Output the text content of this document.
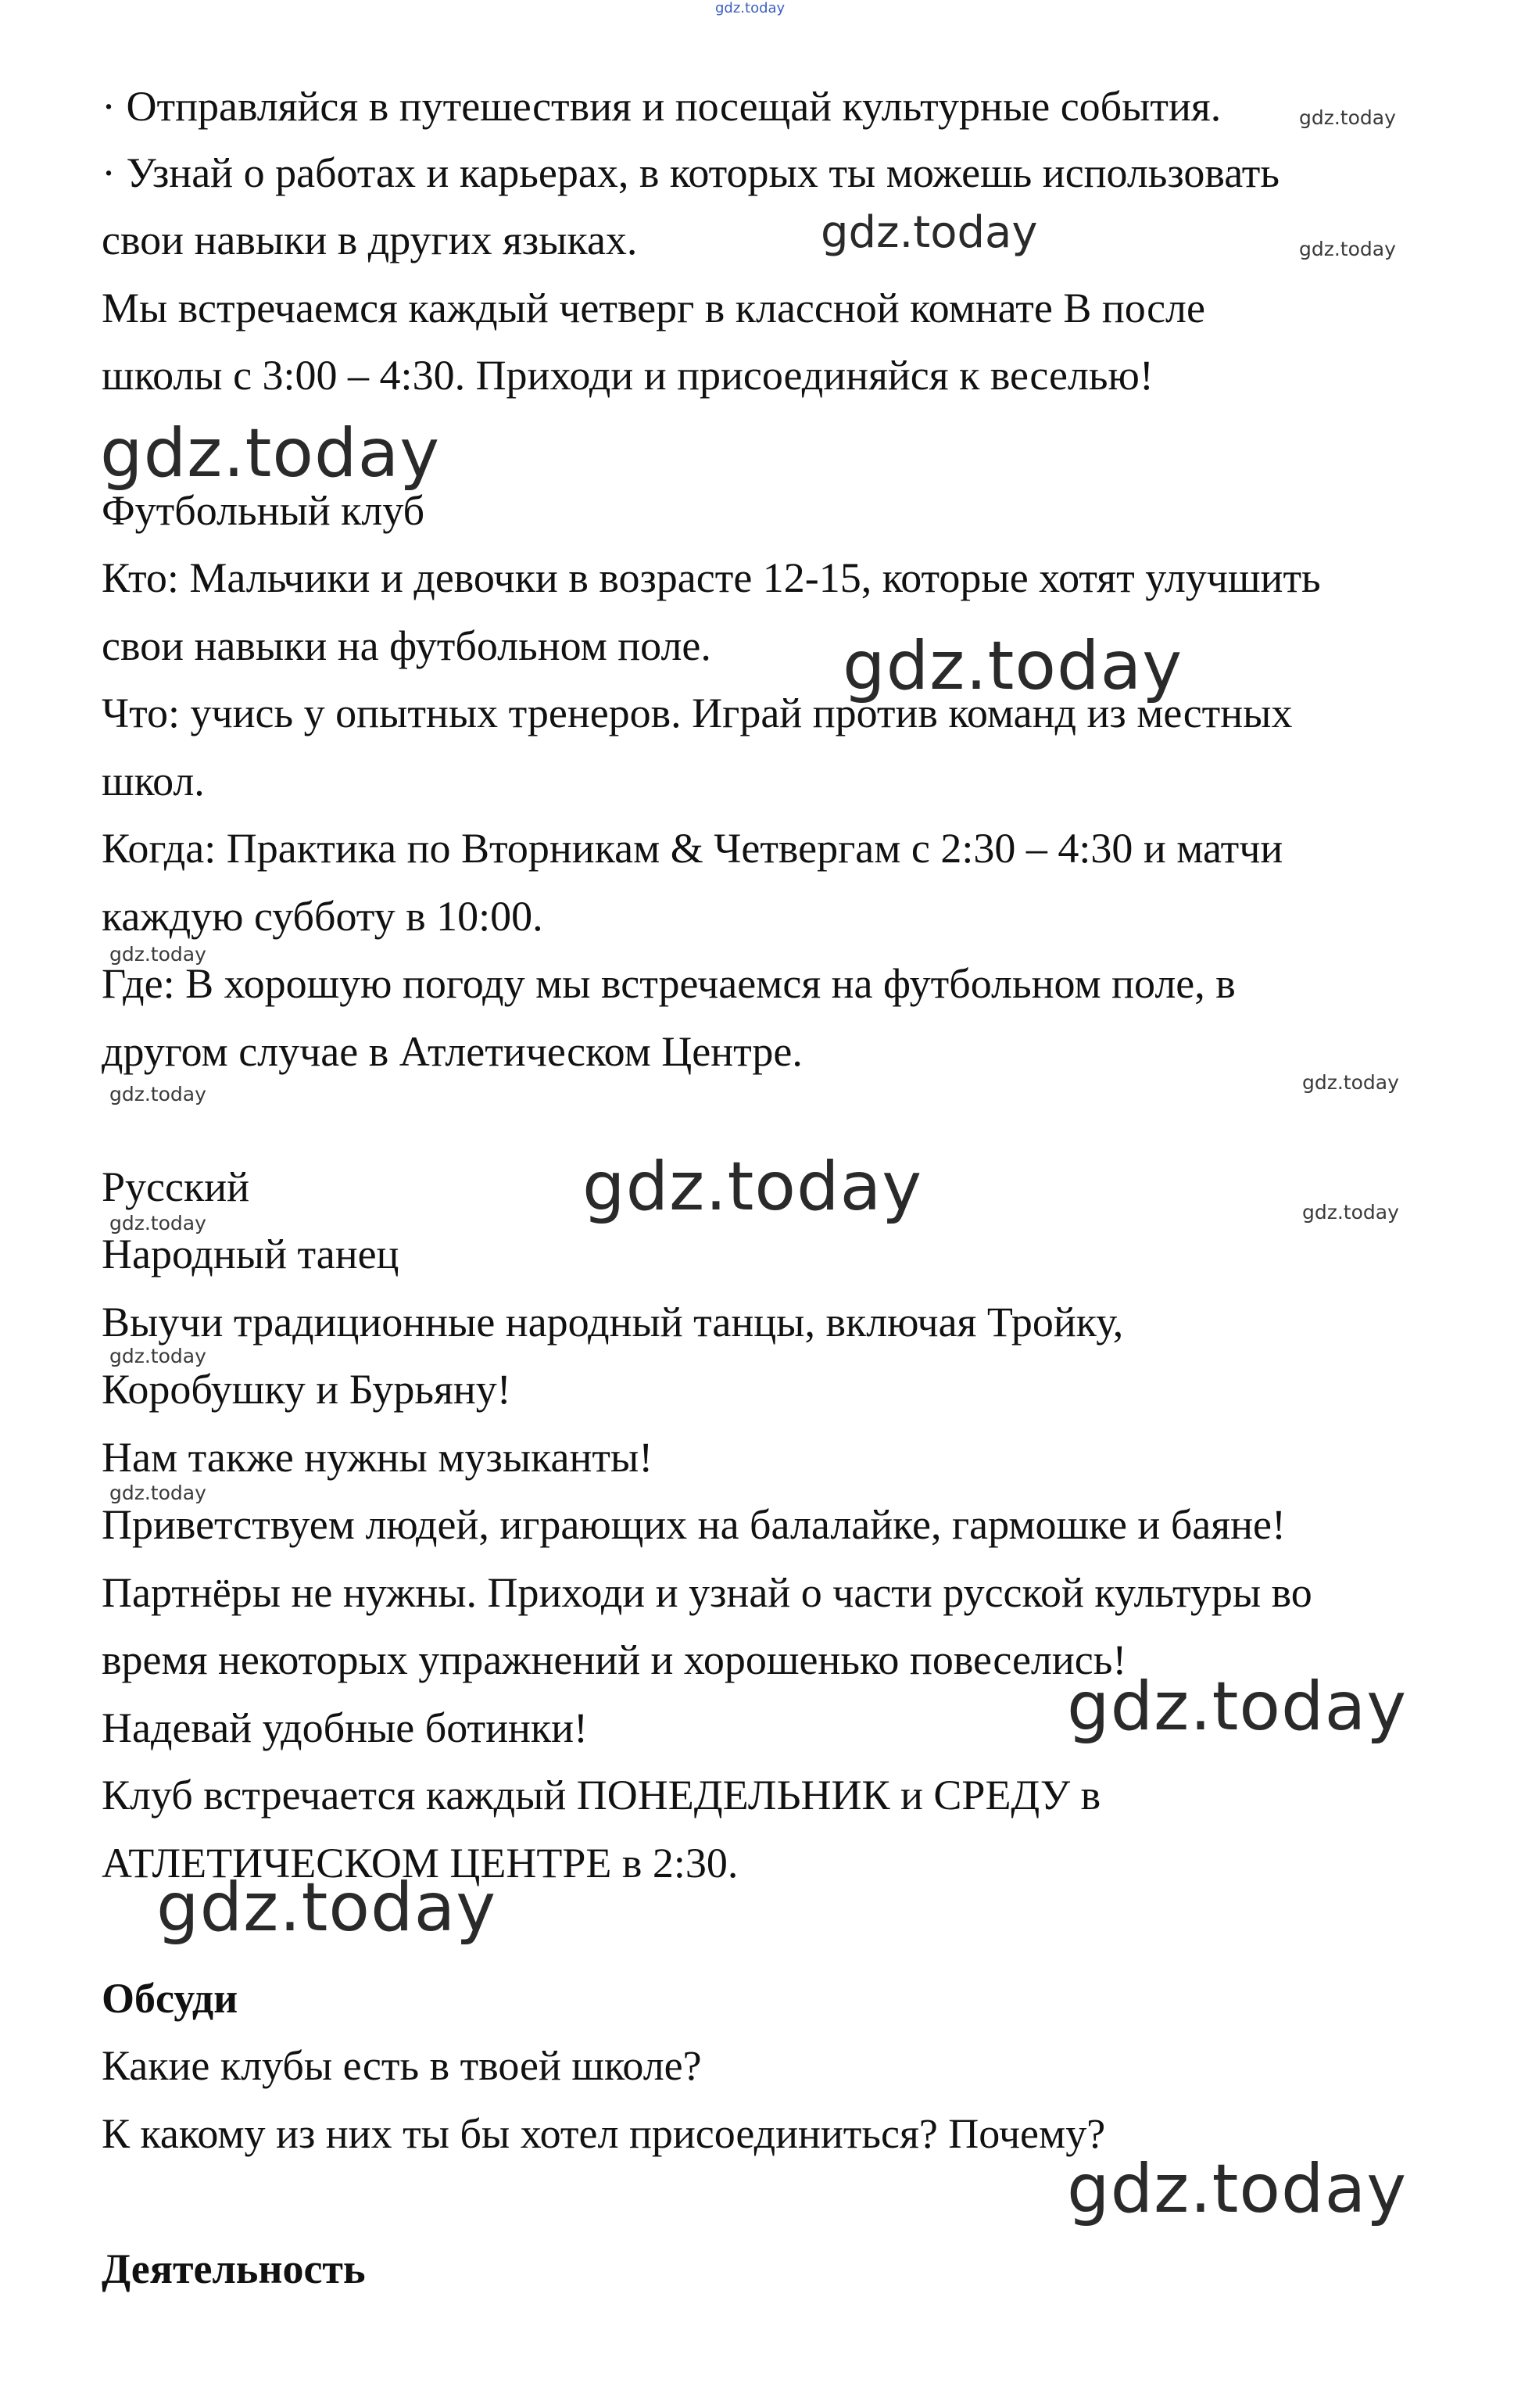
· Отправляйся в путешествия и посещай культурные события.
· Узнай о работах и карьерах, в которых ты можешь использовать
свои навыки в других языках.
Мы встречаемся каждый четверг в классной комнате В после
школы с 3:00 – 4:30. Приходи и присоединяйся к веселью!
Футбольный клуб
Кто: Мальчики и девочки в возрасте 12-15, которые хотят улучшить
свои навыки на футбольном поле.
Что: учись у опытных тренеров. Играй против команд из местных
школ.
Когда: Практика по Вторникам & Четвергам с 2:30 – 4:30 и матчи
каждую субботу в 10:00.
Где: В хорошую погоду мы встречаемся на футбольном поле, в
другом случае в Атлетическом Центре.
Русский
Народный танец
Выучи традиционные народный танцы, включая Тройку,
Коробушку и Бурьяну!
Нам также нужны музыканты!
Приветствуем людей, играющих на балалайке, гармошке и баяне!
Партнёры не нужны. Приходи и узнай о части русской культуры во
время некоторых упражнений и хорошенько повеселись!
Надевай удобные ботинки!
Клуб встречается каждый ПОНЕДЕЛЬНИК и СРЕДУ в
АТЛЕТИЧЕСКОМ ЦЕНТРЕ в 2:30.
Обсуди
Какие клубы есть в твоей школе?
К какому из них ты бы хотел присоединиться? Почему?
Деятельность
gdz.today
gdz.today
gdz.today	gdz.today
gdz.today
gdz.today
gdz.today
gdz.today
gdz.today
gdz.today	gdz.today
gdz.today
gdz.today
gdz.today
gdz.today
gdz.today
gdz.today
